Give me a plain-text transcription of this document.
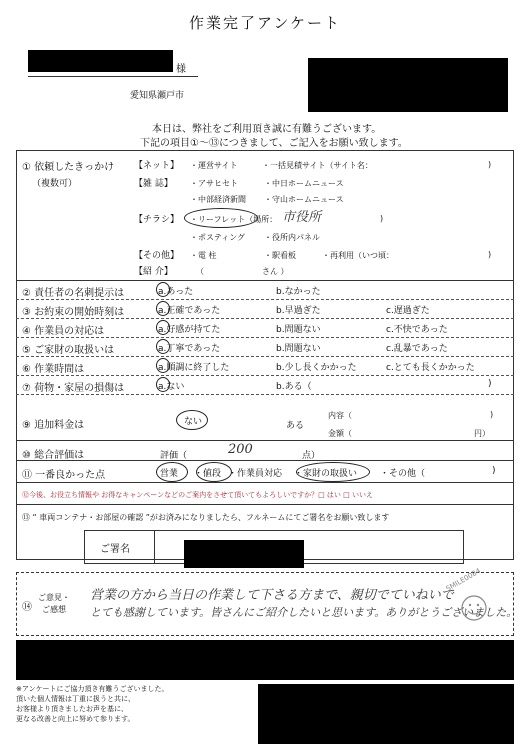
作業完了アンケート
様
愛知県瀬戸市
本日は、弊社をご利用頂き誠に有難うございます。
下記の項目①～⑬につきまして、ご記入をお願い致します。
① 依頼したきっかけ
（複数可）
【ネット】 ・運営サイト	・一括見積サイト（サイト名：	)
【雑 誌】 ・アサヒセト	・中日ホームニュース
・中部経済新聞 ・守山ホームニュース
【チラシ】 ・リーフレット（場所： 市役所	)
・ポスティング ・役所内パネル
【その他】 ・電 柱	・駅看板	・再利用（いつ頃：	)
【紹 介】	（	さん ）
② 責任者の名刺提示は	a.あった	b.なかった
③ お約束の開始時刻は	a.正確であった	b.早過ぎた	c.遅過ぎた
④ 作業員の対応は	a.好感が持てた	b.問題ない	c.不快であった
⑤ ご家財の取扱いは	a.丁寧であった	b.問題ない	c.乱暴であった
⑥ 作業時間は	a.順調に終了した	b.少し長くかかった	c.とても長くかかった
⑦ 荷物・家屋の損傷は	a.ない	b.ある（	)
⑨ 追加料金は	ない	ある
内容（	)
金額（	円）
⑩ 総合評価は	評価（	200	点）
⑪ 一番良かった点	営業 ・値段 ・作業員対応 ・家財の取扱い	・その他（	)
⑫今後、お役立ち情報や お得なキャンペーンなどのご案内をさせて頂いてもよろしいですか？□ はい □ いいえ
⑬ “ 車両コンテナ・お部屋の確認 ”がお済みになりましたら、フルネームにてご署名をお願い致します
ご署名
⑭
ご意見・
ご感想
営業の方から当日の作業して下さる方まで、親切でていねいで
とても感謝しています。皆さんにご紹介したいと思います。ありがとうございました。
SMILE0084
※アンケートにご協力頂き有難うございました。
頂いた個人情報は丁重に扱うと共に、
お客様より頂きましたお声を基に、
更なる改善と向上に努めて参ります。
